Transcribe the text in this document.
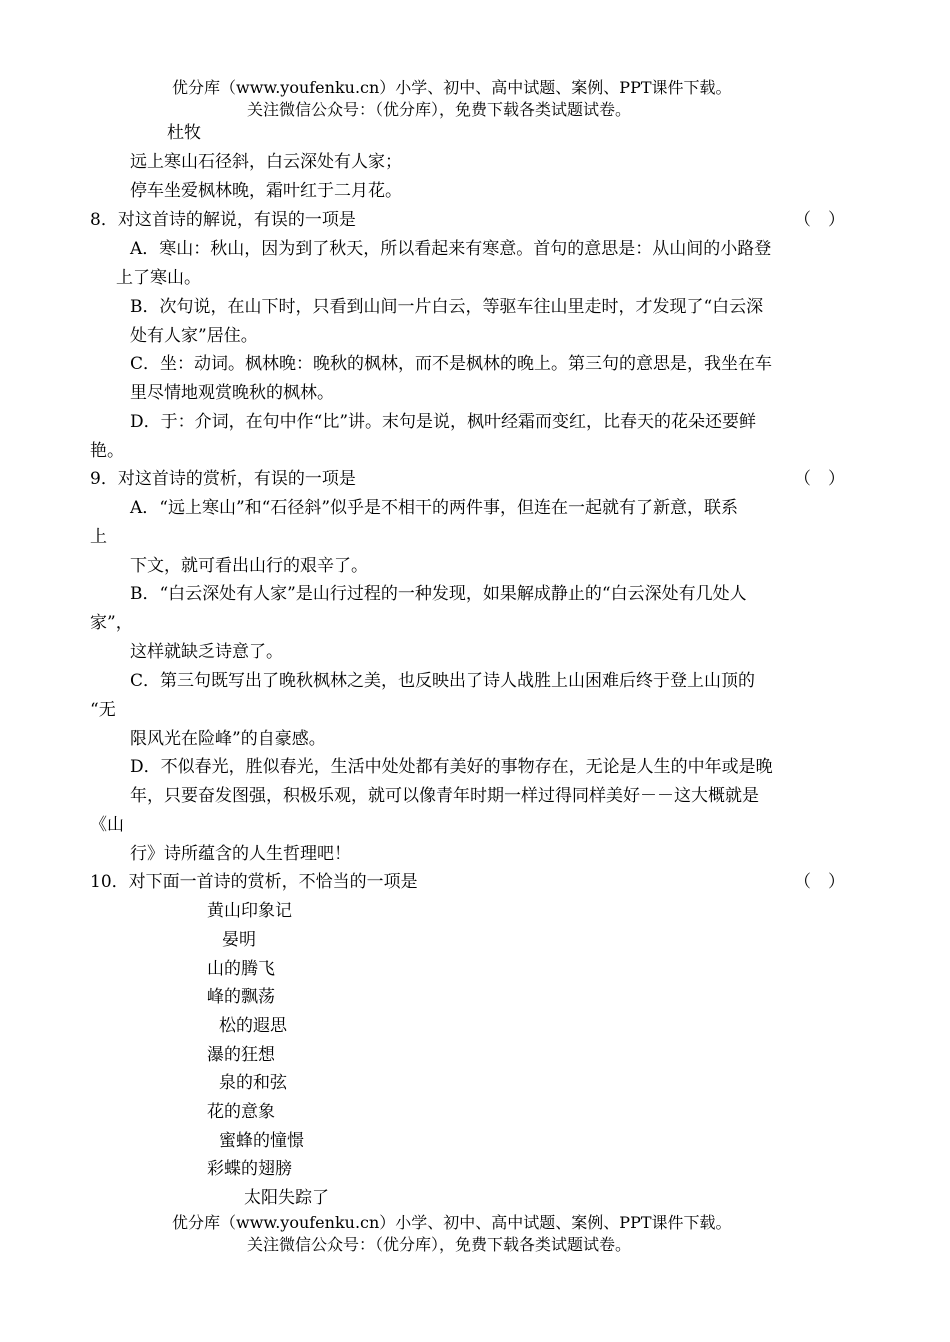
优分库（www.youfenku.cn）小学、初中、高中试题、案例、PPT课件下载。
关注微信公众号：（优分库），免费下载各类试题试卷。
杜牧
远上寒山石径斜，白云深处有人家；
停车坐爱枫林晚，霜叶红于二月花。
8．对这首诗的解说，有误的一项是	（　）
A．寒山：秋山，因为到了秋天，所以看起来有寒意。首句的意思是：从山间的小路登
上了寒山。
B．次句说，在山下时，只看到山间一片白云，等驱车往山里走时，才发现了“白云深
处有人家”居住。
C．坐：动词。枫林晚：晚秋的枫林，而不是枫林的晚上。第三句的意思是，我坐在车
里尽情地观赏晚秋的枫林。
D．于：介词，在句中作“比”讲。末句是说，枫叶经霜而变红，比春天的花朵还要鲜
艳。
9．对这首诗的赏析，有误的一项是	（　）
A．“远上寒山”和“石径斜”似乎是不相干的两件事，但连在一起就有了新意，联系
上
下文，就可看出山行的艰辛了。
B．“白云深处有人家”是山行过程的一种发现，如果解成静止的“白云深处有几处人
家”，
这样就缺乏诗意了。
C．第三句既写出了晚秋枫林之美，也反映出了诗人战胜上山困难后终于登上山顶的
“无
限风光在险峰”的自豪感。
D．不似春光，胜似春光，生活中处处都有美好的事物存在，无论是人生的中年或是晚
年，只要奋发图强，积极乐观，就可以像青年时期一样过得同样美好－－这大概就是
《山
行》诗所蕴含的人生哲理吧！
10．对下面一首诗的赏析，不恰当的一项是	（　）
黄山印象记
晏明
山的腾飞
峰的飘荡
松的遐思
瀑的狂想
泉的和弦
花的意象
蜜蜂的憧憬
彩蝶的翅膀
太阳失踪了
优分库（www.youfenku.cn）小学、初中、高中试题、案例、PPT课件下载。
关注微信公众号：（优分库），免费下载各类试题试卷。
